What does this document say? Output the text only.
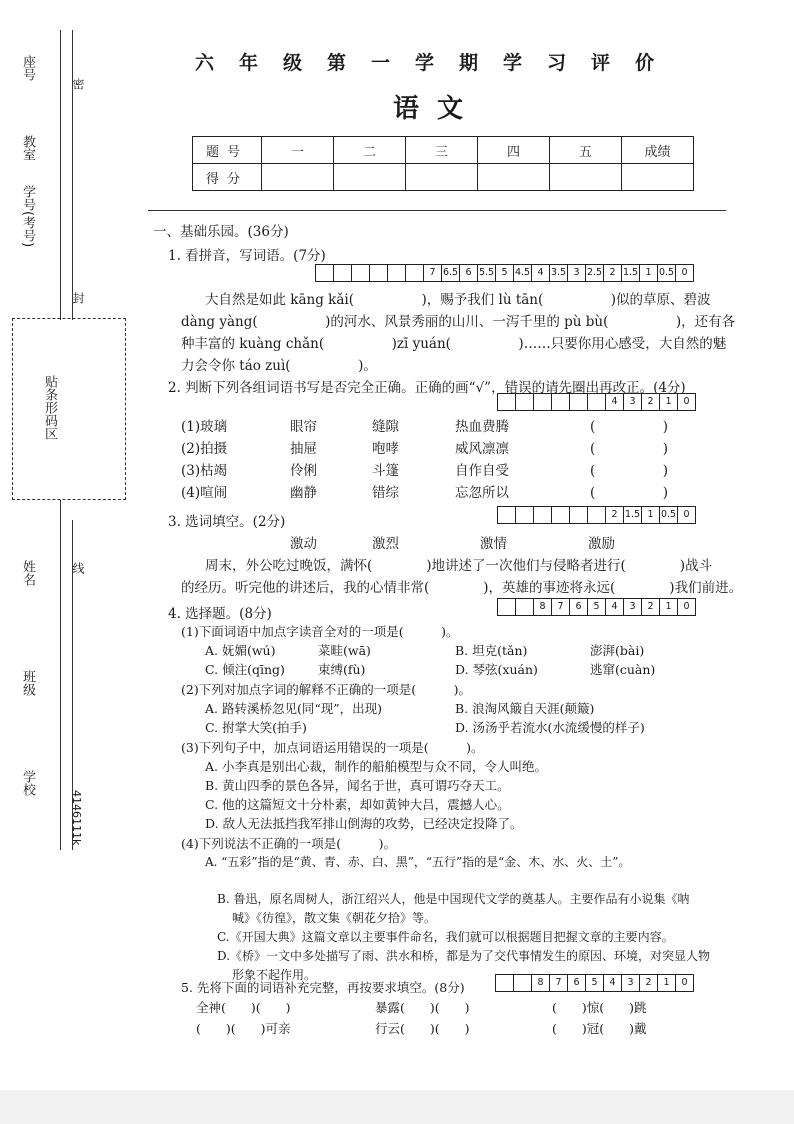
座号
教室
学号(考号)
贴条形码区
姓名
班级
学校
密
封
线
4146111k
六年级第一学期学习评价
语文
题号	一	二	三	四	五	成绩
得分						
一、基础乐园。(36分)
1. 看拼音，写词语。(7分)
7 6.5 6 5.5 5 4.5 4 3.5 3 2.5 2 1.5 1 0.5 0
大自然是如此 kāng kǎi(　　　　　)，赐予我们 lù tān(　　　　　)似的草原、碧波
dàng yàng(　　　　　)的河水、风景秀丽的山川、一泻千里的 pù bù(　　　　　)，还有各
种丰富的 kuàng chǎn(　　　　　)zī yuán(　　　　　)……只要你用心感受，大自然的魅
力会令你 táo zuì(　　　　　)。
2. 判断下列各组词语书写是否完全正确。正确的画“√”，错误的请先圈出再改正。(4分)
4	3	2	1	0
(1)玻璃	眼帘	缝隙	热血费腾	(　　　　　)
(2)拍摄	抽屉	咆哮	威风凛凛	(　　　　　)
(3)枯竭	伶俐	斗篷	自作自受	(　　　　　)
(4)喧闹	幽静	错综	忘忽所以	(　　　　　)
3. 选词填空。(2分)	2 1.5 1 0.5 0
激动	激烈	激情	激励
周末，外公吃过晚饭，满怀(　　　　)地讲述了一次他们与侵略者进行(　　　　)战斗
的经历。听完他的讲述后，我的心情非常(　　　　)，英雄的事迹将永远(　　　　)我们前进。
4. 选择题。(8分)	8	7	6	5	4	3	2	1	0
(1)下面词语中加点字读音全对的一项是(　　　)。
A. 妩媚(wú)	菜畦(wā)	B. 坦克(tǎn)	澎湃(bài)
C. 倾注(qīng)	束缚(fù)	D. 琴弦(xuán)	逃窜(cuàn)
(2)下列对加点字词的解释不正确的一项是(　　　)。
A. 路转溪桥忽见(同“现”，出现)	B. 浪淘风簸自天涯(颠簸)
C. 拊掌大笑(拍手)	D. 汤汤乎若流水(水流缓慢的样子)
(3)下列句子中，加点词语运用错误的一项是(　　　)。
A. 小李真是别出心裁，制作的船舶模型与众不同，令人叫绝。
B. 黄山四季的景色各异，闻名于世，真可谓巧夺天工。
C. 他的这篇短文十分朴素，却如黄钟大吕，震撼人心。
D. 敌人无法抵挡我军排山倒海的攻势，已经决定投降了。
(4)下列说法不正确的一项是(　　　)。
A. “五彩”指的是“黄、青、赤、白、黑”，“五行”指的是“金、木、水、火、土”。
B. 鲁迅，原名周树人，浙江绍兴人，他是中国现代文学的奠基人。主要作品有小说集《呐
喊》《彷徨》，散文集《朝花夕拾》等。
C.《开国大典》这篇文章以主要事件命名，我们就可以根据题目把握文章的主要内容。
D.《桥》一文中多处描写了雨、洪水和桥，都是为了交代事情发生的原因、环境，对突显人物
形象不起作用。
5. 先将下面的词语补充完整，再按要求填空。(8分)	8	7	6	5	4	3	2	1	0
全神(　　)(　　)	暴露(　　)(　　)	(　　)惊(　　)跳
(　　)(　　)可亲	行云(　　)(　　)	(　　)冠(　　)戴
